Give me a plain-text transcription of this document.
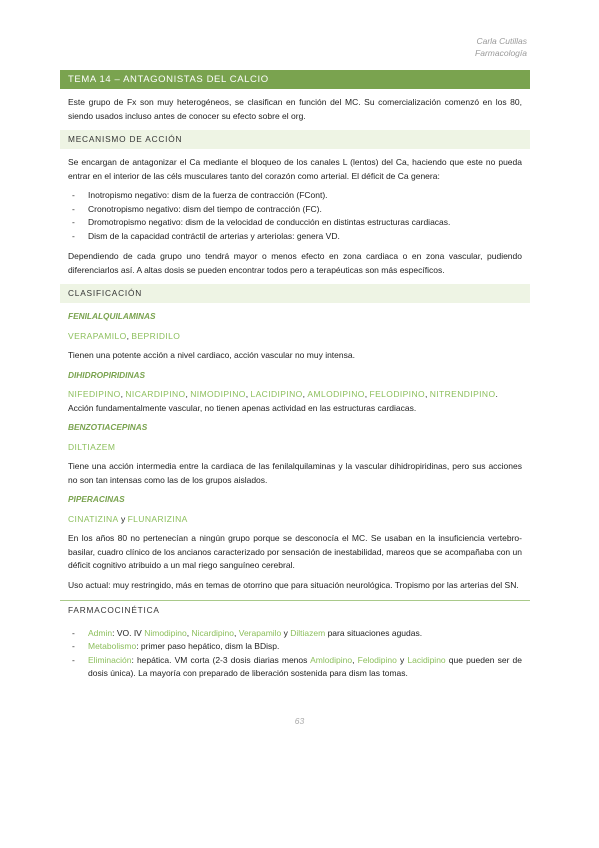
Carla Cutillas
Farmacología
TEMA 14 – ANTAGONISTAS DEL CALCIO

Este grupo de Fx son muy heterogéneos, se clasifican en función del MC. Su comercialización comenzó en los 80, siendo usados incluso antes de conocer su efecto sobre el org.

MECANISMO DE ACCIÓN

Se encargan de antagonizar el Ca mediante el bloqueo de los canales L (lentos) del Ca, haciendo que este no pueda entrar en el interior de las céls musculares tanto del corazón como arterial. El déficit de Ca genera:

- Inotropismo negativo: dism de la fuerza de contracción (FCont).
- Cronotropismo negativo: dism del tiempo de contracción (FC).
- Dromotropismo negativo: dism de la velocidad de conducción en distintas estructuras cardiacas.
- Dism de la capacidad contráctil de arterias y arteriolas: genera VD.

Dependiendo de cada grupo uno tendrá mayor o menos efecto en zona cardiaca o en zona vascular, pudiendo diferenciarlos así. A altas dosis se pueden encontrar todos pero a terapéuticas son más específicos.

CLASIFICACIÓN
FENILALQUILAMINAS
VERAPAMILO, BEPRIDILO

Tienen una potente acción a nivel cardiaco, acción vascular no muy intensa.

DIHIDROPIRIDINAS
NIFEDIPINO, NICARDIPINO, NIMODIPINO, LACIDIPINO, AMLODIPINO, FELODIPINO, NITRENDIPINO.
Acción fundamentalmente vascular, no tienen apenas actividad en las estructuras cardiacas.
BENZOTIACEPINAS
DILTIAZEM

Tiene una acción intermedia entre la cardiaca de las fenilalquilaminas y la vascular dihidropiridinas, pero sus acciones no son tan intensas como las de los grupos aislados.

PIPERACINAS
CINATIZINA y FLUNARIZINA

En los años 80 no pertenecían a ningún grupo porque se desconocía el MC. Se usaban en la insuficiencia vertebro-basilar, cuadro clínico de los ancianos caracterizado por sensación de inestabilidad, mareos que se acompañaba con un déficit cognitivo atribuido a un mal riego sanguíneo cerebral.

Uso actual: muy restringido, más en temas de otorrino que para situación neurológica. Tropismo por las arterias del SN.

FARMACOCINÉTICA
- Admin: VO. IV Nimodipino, Nicardipino, Verapamilo y Diltiazem para situaciones agudas.
- Metabolismo: primer paso hepático, dism la BDisp.
- Eliminación: hepática. VM corta (2-3 dosis diarias menos Amlodipino, Felodipino y Lacidipino que pueden ser de dosis única). La mayoría con preparado de liberación sostenida para dism las tomas.
63
